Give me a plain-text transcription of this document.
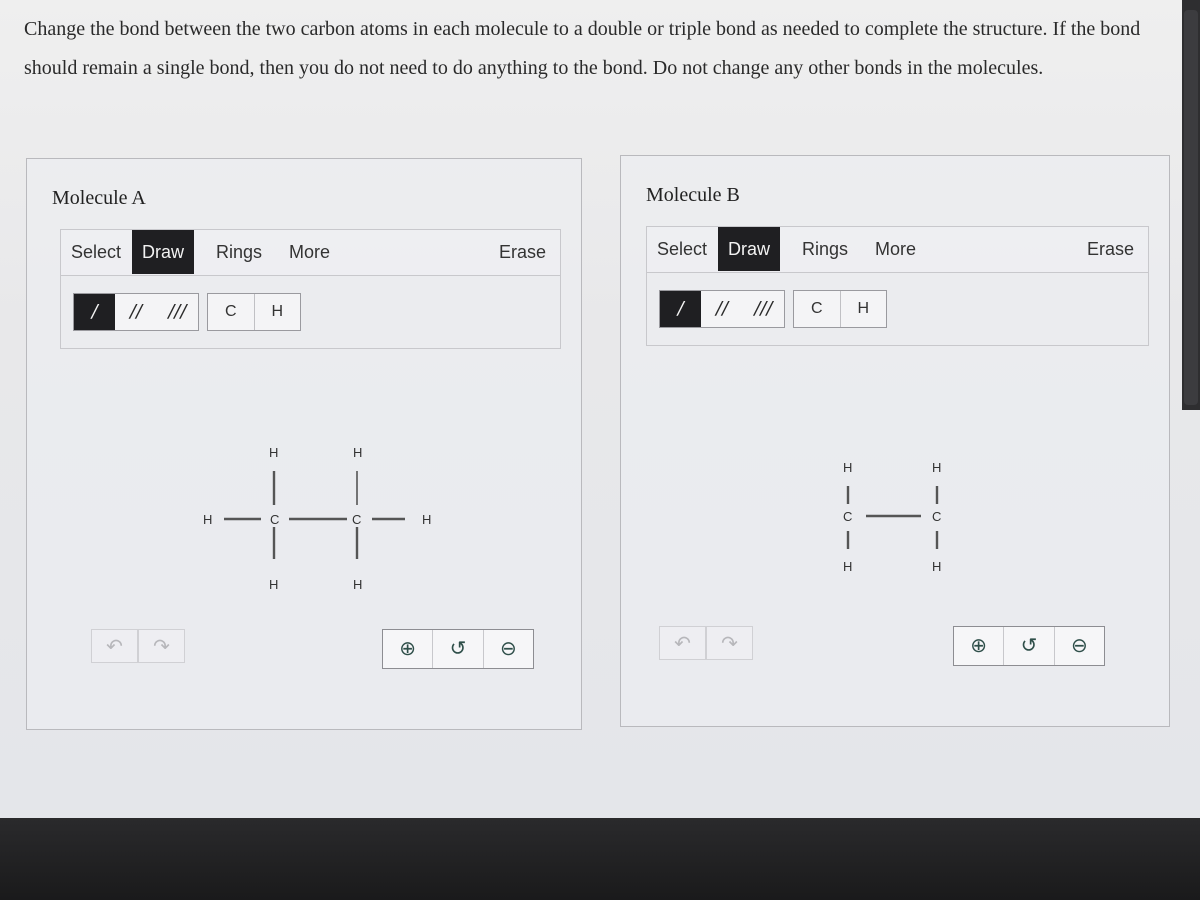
Change the bond between the two carbon atoms in each molecule to a double or triple bond as needed to complete the structure. If the bond should remain a single bond, then you do not need to do anything to the bond. Do not change any other bonds in the molecules.
Molecule A
Select	Draw	Rings	More	Erase
/	//	///	C	H
H	H
H	C	C	H
H	H
↶	↷	⊕	↺	⊖
Molecule B
Select	Draw	Rings	More	Erase
/	//	///	C	H
H	H
C	C
H	H
↶	↷	⊕	↺	⊖
